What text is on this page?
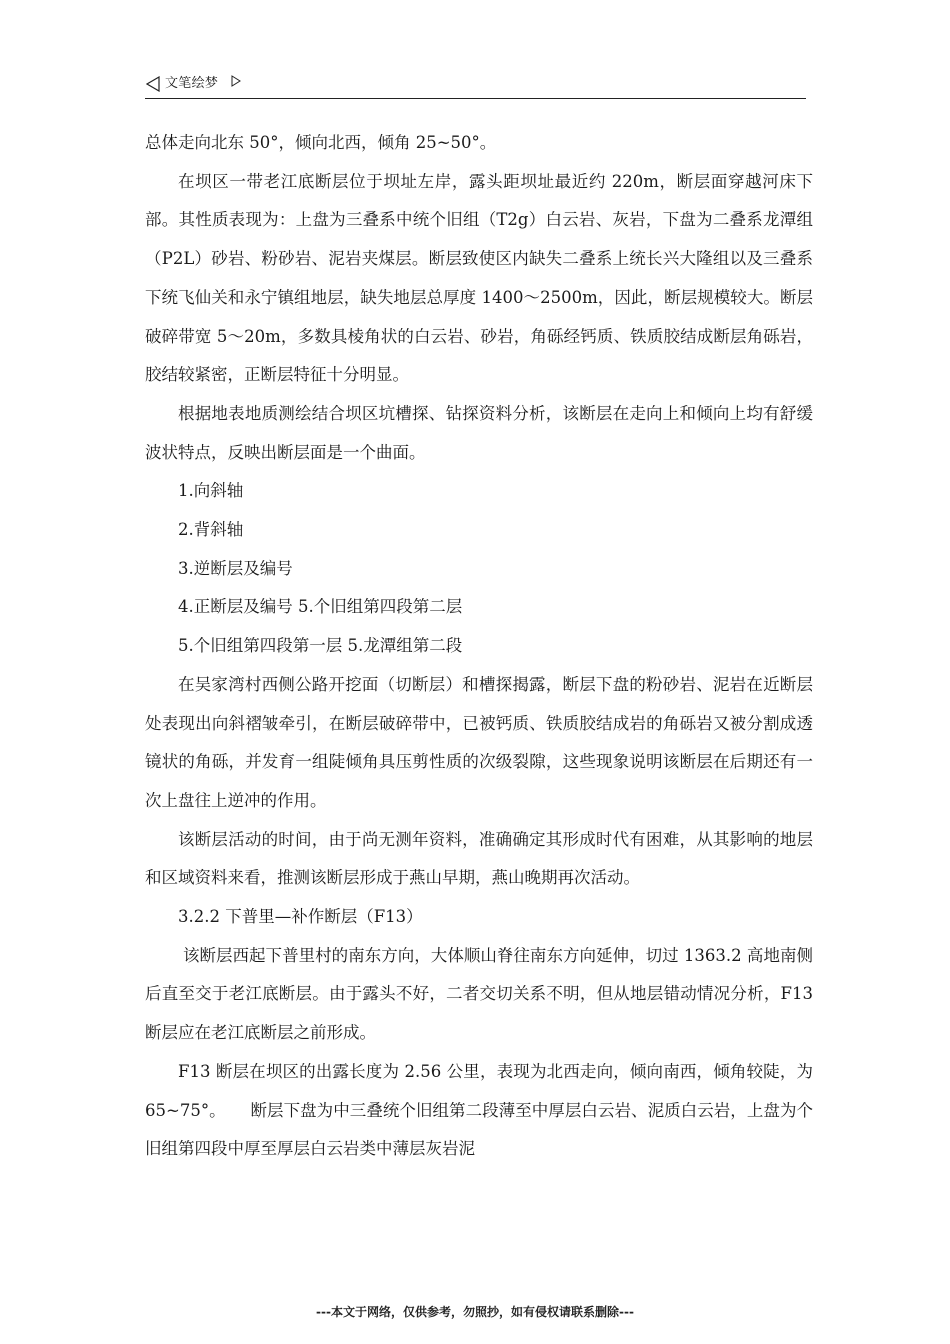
文笔绘梦

总体走向北东 50°，倾向北西，倾角 25~50°。

在坝区一带老江底断层位于坝址左岸，露头距坝址最近约 220m，断层面穿越河床下部。其性质表现为：上盘为三叠系中统个旧组（T2g）白云岩、灰岩，下盘为二叠系龙潭组（P2L）砂岩、粉砂岩、泥岩夹煤层。断层致使区内缺失二叠系上统长兴大隆组以及三叠系下统飞仙关和永宁镇组地层，缺失地层总厚度 1400～2500m，因此，断层规模较大。断层破碎带宽 5～20m，多数具棱角状的白云岩、砂岩，角砾经钙质、铁质胶结成断层角砾岩，胶结较紧密，正断层特征十分明显。

根据地表地质测绘结合坝区坑槽探、钻探资料分析，该断层在走向上和倾向上均有舒缓波状特点，反映出断层面是一个曲面。

1.向斜轴

2.背斜轴

3.逆断层及编号

4.正断层及编号 5.个旧组第四段第二层

5.个旧组第四段第一层 5.龙潭组第二段

在吴家湾村西侧公路开挖面（切断层）和槽探揭露，断层下盘的粉砂岩、泥岩在近断层处表现出向斜褶皱牵引，在断层破碎带中，已被钙质、铁质胶结成岩的角砾岩又被分割成透镜状的角砾，并发育一组陡倾角具压剪性质的次级裂隙，这些现象说明该断层在后期还有一次上盘往上逆冲的作用。

该断层活动的时间，由于尚无测年资料，准确确定其形成时代有困难，从其影响的地层和区域资料来看，推测该断层形成于燕山早期，燕山晚期再次活动。

3.2.2 下普里—补作断层（F13）

该断层西起下普里村的南东方向，大体顺山脊往南东方向延伸，切过 1363.2 高地南侧后直至交于老江底断层。由于露头不好，二者交切关系不明，但从地层错动情况分析，F13 断层应在老江底断层之前形成。

F13 断层在坝区的出露长度为 2.56 公里，表现为北西走向，倾向南西，倾角较陡，为 65~75°。　　断层下盘为中三叠统个旧组第二段薄至中厚层白云岩、泥质白云岩，上盘为个旧组第四段中厚至厚层白云岩类中薄层灰岩泥

---本文于网络，仅供参考，勿照抄，如有侵权请联系删除---
